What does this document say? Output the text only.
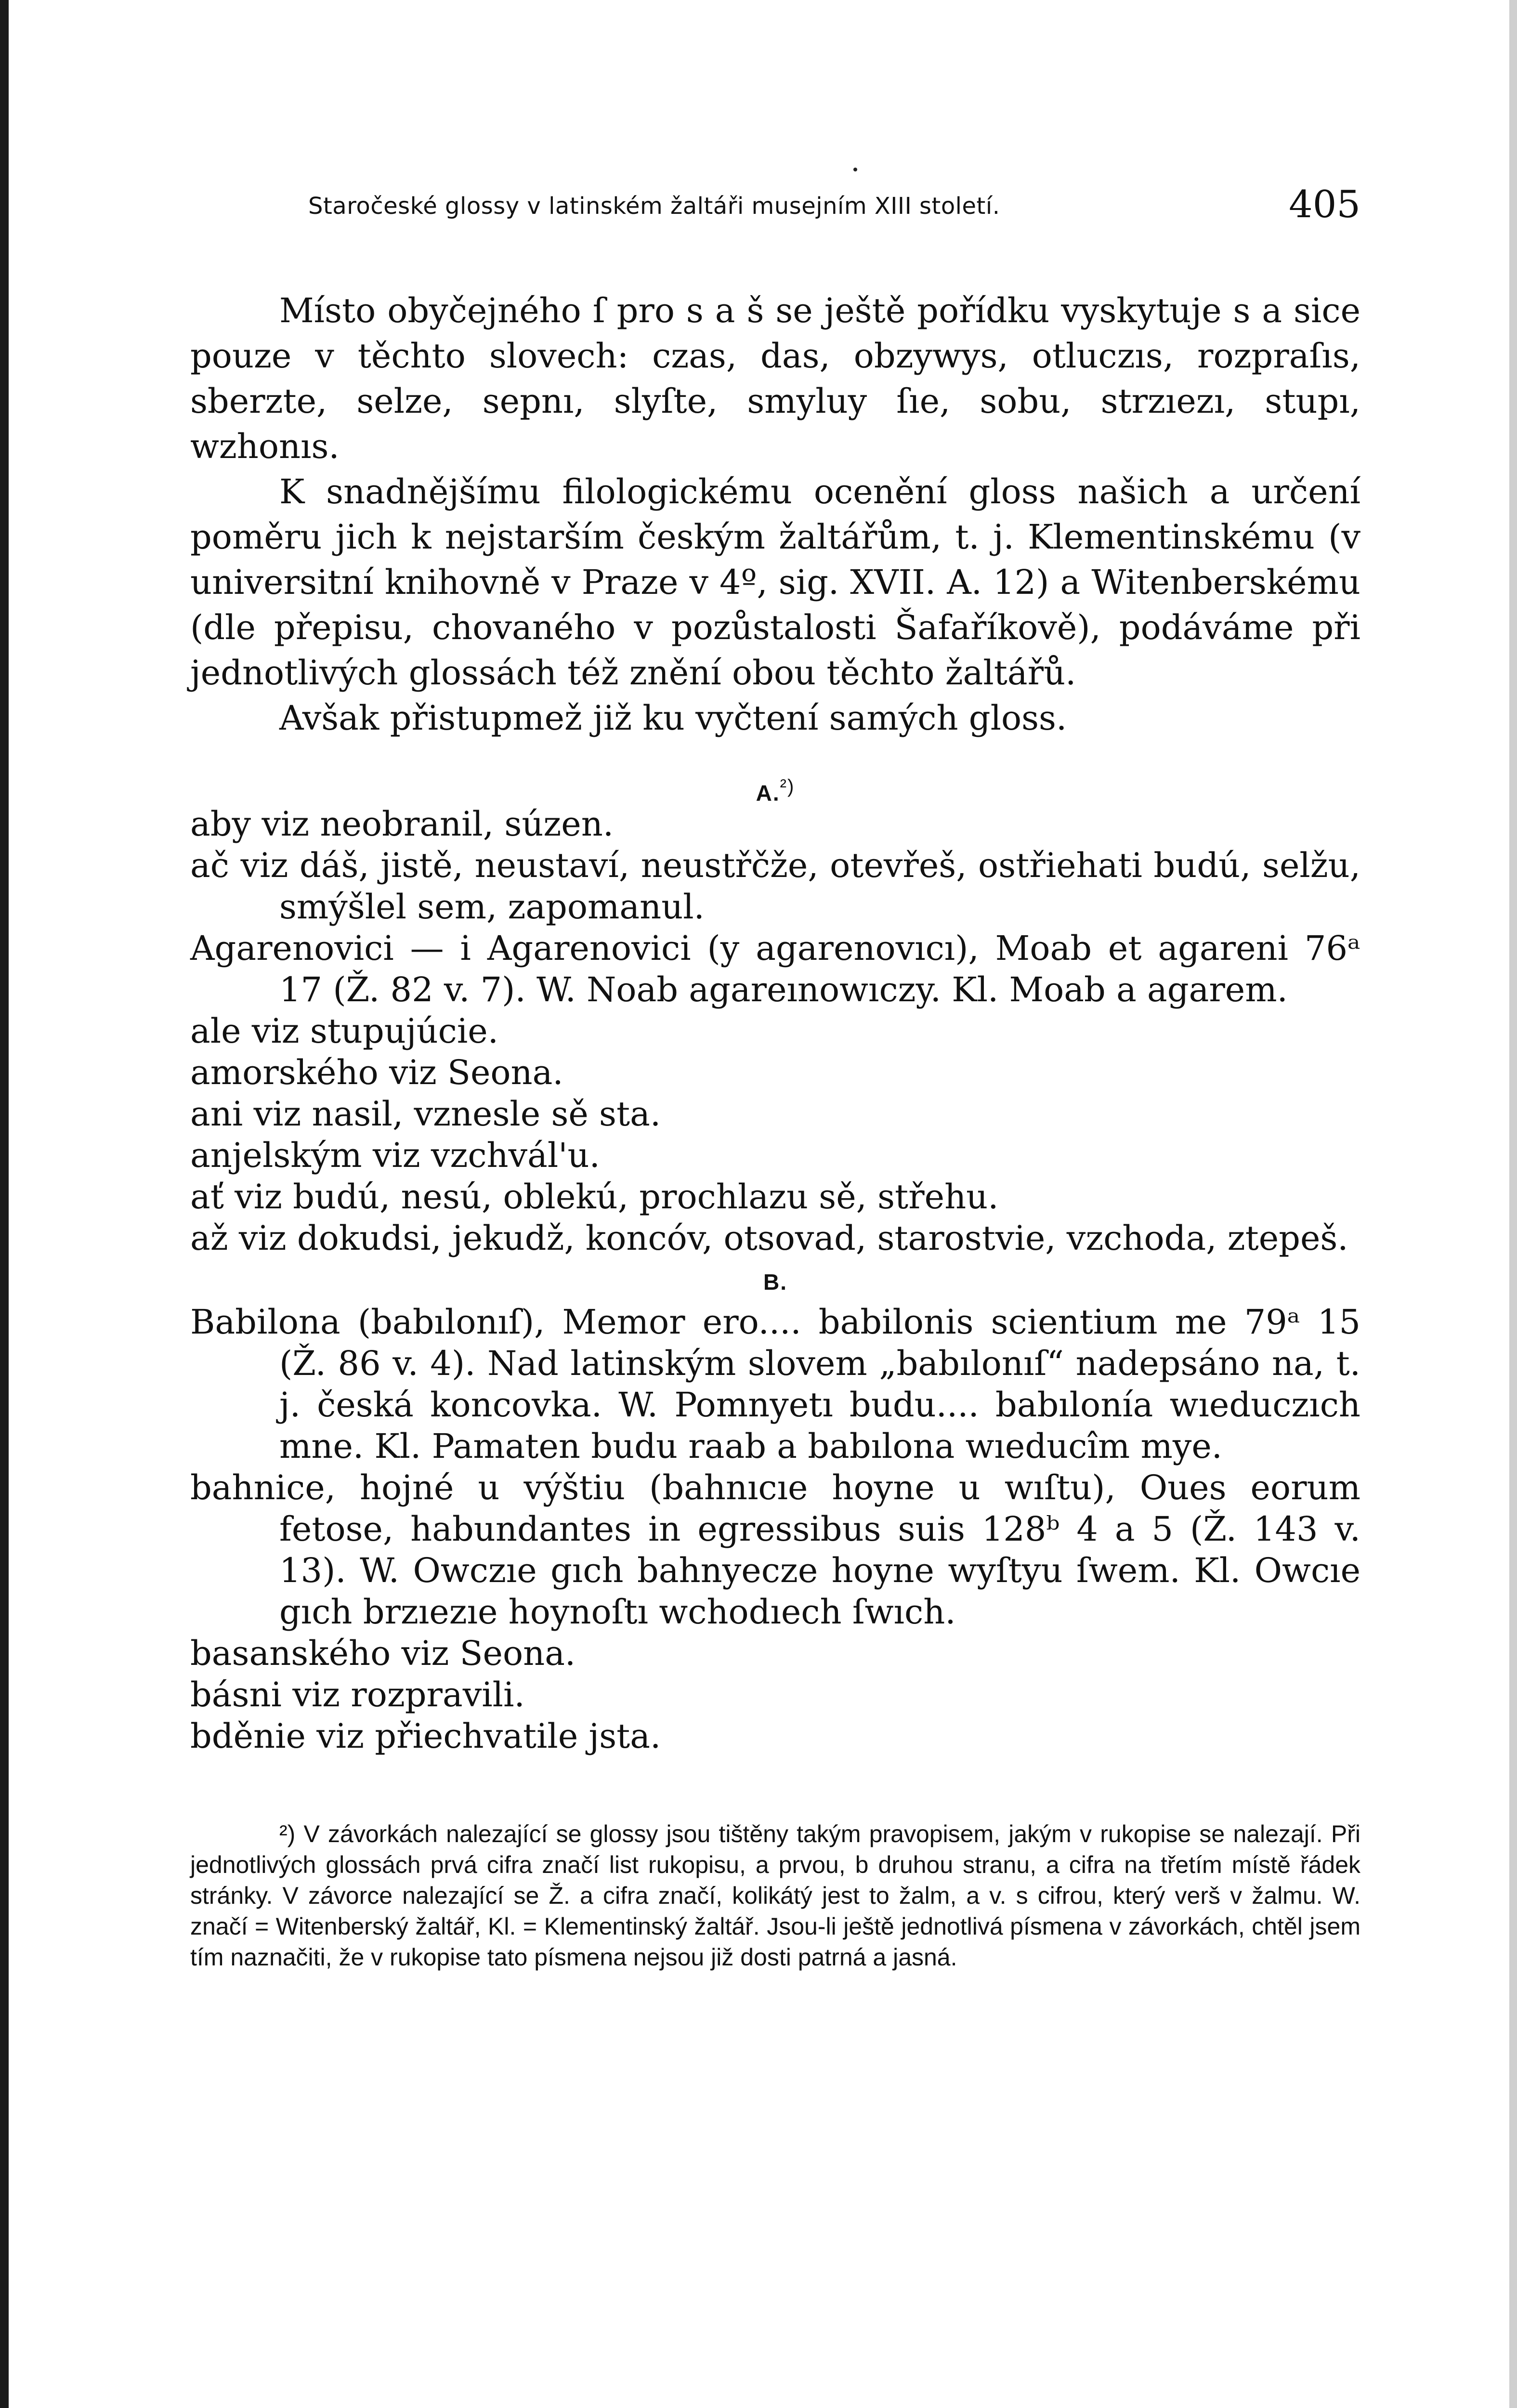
Staročeské glossy v latinském žaltáři musejním XIII století.	405

Místo obyčejného ſ pro s a š se ještě pořídku vyskytuje s a sice pouze v těchto slovech: czas, das, obzywys, otluczıs, rozpraſıs, sberzte, selze, sepnı, slyſte, smyluy ſıe, sobu, strzıezı, stupı, wzhonıs.

K snadnějšímu filologickému ocenění gloss našich a určení poměru jich k nejstarším českým žaltářům, t. j. Klementinskému (v universitní knihovně v Praze v 4º, sig. XVII. A. 12) a Witenberskému (dle přepisu, chovaného v pozůstalosti Šafaříkově), podáváme při jednotlivých glossách též znění obou těchto žaltářů.

Avšak přistupmež již ku vyčtení samých gloss.

A.$^{^2)}$

aby viz neobranil, súzen.

ač viz dáš, jistě, neustaví, neustřčže, otevřeš, ostřiehati budú, selžu, smýšlel sem, zapomanul.

Agarenovici — i Agarenovici (y agarenovıcı), Moab et agareni 76ᵃ 17 (Ž. 82 v. 7). W. Noab agareınowıczy. Kl. Moab a agarem.

ale viz stupujúcie.

amorského viz Seona.

ani viz nasil, vznesle sě sta.

anjelským viz vzchvál'u.

ať viz budú, nesú, oblekú, prochlazu sě, střehu.

až viz dokudsi, jekudž, koncóv, otsovad, starostvie, vzchoda, ztepeš.

B.

Babilona (babılonıſ), Memor ero.... babilonis scientium me 79ᵃ 15 (Ž. 86 v. 4). Nad latinským slovem „babılonıſ“ nadepsáno na, t. j. česká koncovka. W. Pomnyetı budu.... babılonía wıeduczıch mne. Kl. Pamaten budu raab a babılona wıeducîm mye.

bahnice, hojné u výštiu (bahnıcıe hoyne u wıſtu), Oues eorum fetose, habundantes in egressibus suis 128ᵇ 4 a 5 (Ž. 143 v. 13). W. Owczıe gıch bahnyecze hoyne wyſtyu ſwem. Kl. Owcıe gıch brzıezıe hoynoſtı wchodıech ſwıch.

basanského viz Seona.

básni viz rozpravili.

bděnie viz přiechvatile jsta.

²) V závorkách nalezající se glossy jsou tištěny takým pravopisem, jakým v rukopise se nalezají. Při jednotlivých glossách prvá cifra značí list rukopisu, a prvou, b druhou stranu, a cifra na třetím místě řádek stránky. V závorce nalezající se Ž. a cifra značí, kolikátý jest to žalm, a v. s cifrou, který verš v žalmu. W. značí = Witenberský žaltář, Kl. = Klementinský žaltář. Jsou-li ještě jednotlivá písmena v závorkách, chtěl jsem tím naznačiti, že v rukopise tato písmena nejsou již dosti patrná a jasná.
